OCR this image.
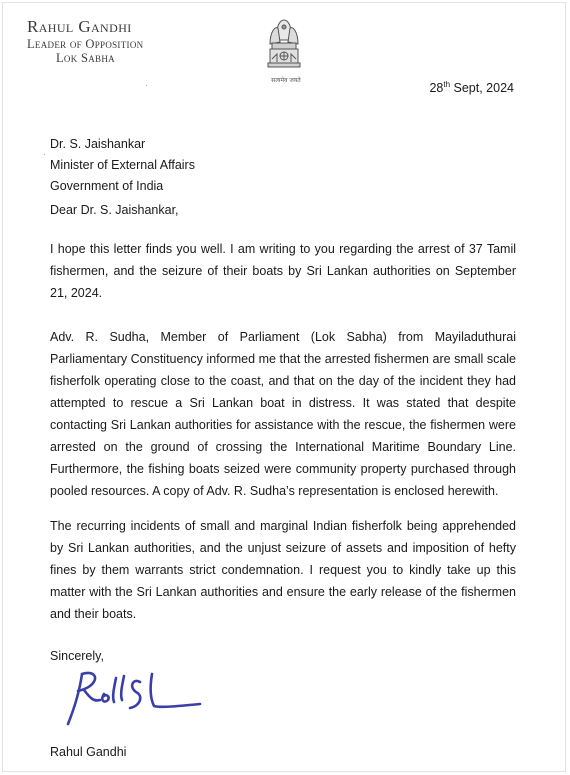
Rahul Gandhi
Leader of Opposition
Lok Sabha
सत्यमेव जयते
·	28th Sept, 2024
Dr. S. Jaishankar
Minister of External Affairs
Government of India
·
Dear Dr. S. Jaishankar,
I hope this letter finds you well. I am writing to you regarding the arrest of 37 Tamil fishermen, and the seizure of their boats by Sri Lankan authorities on September 21, 2024.
Adv. R. Sudha, Member of Parliament (Lok Sabha) from Mayiladuthurai Parliamentary Constituency informed me that the arrested fishermen are small scale fisherfolk operating close to the coast, and that on the day of the incident they had attempted to rescue a Sri Lankan boat in distress. It was stated that despite contacting Sri Lankan authorities for assistance with the rescue, the fishermen were arrested on the ground of crossing the International Maritime Boundary Line. Furthermore, the fishing boats seized were community property purchased through pooled resources. A copy of Adv. R. Sudha’s representation is enclosed herewith.
The recurring incidents of small and marginal Indian fisherfolk being apprehended by Sri Lankan authorities, and the unjust seizure of assets and imposition of hefty fines by them warrants strict condemnation. I request you to kindly take up this matter with the Sri Lankan authorities and ensure the early release of the fishermen and their boats.
Sincerely,
Rahul Gandhi
